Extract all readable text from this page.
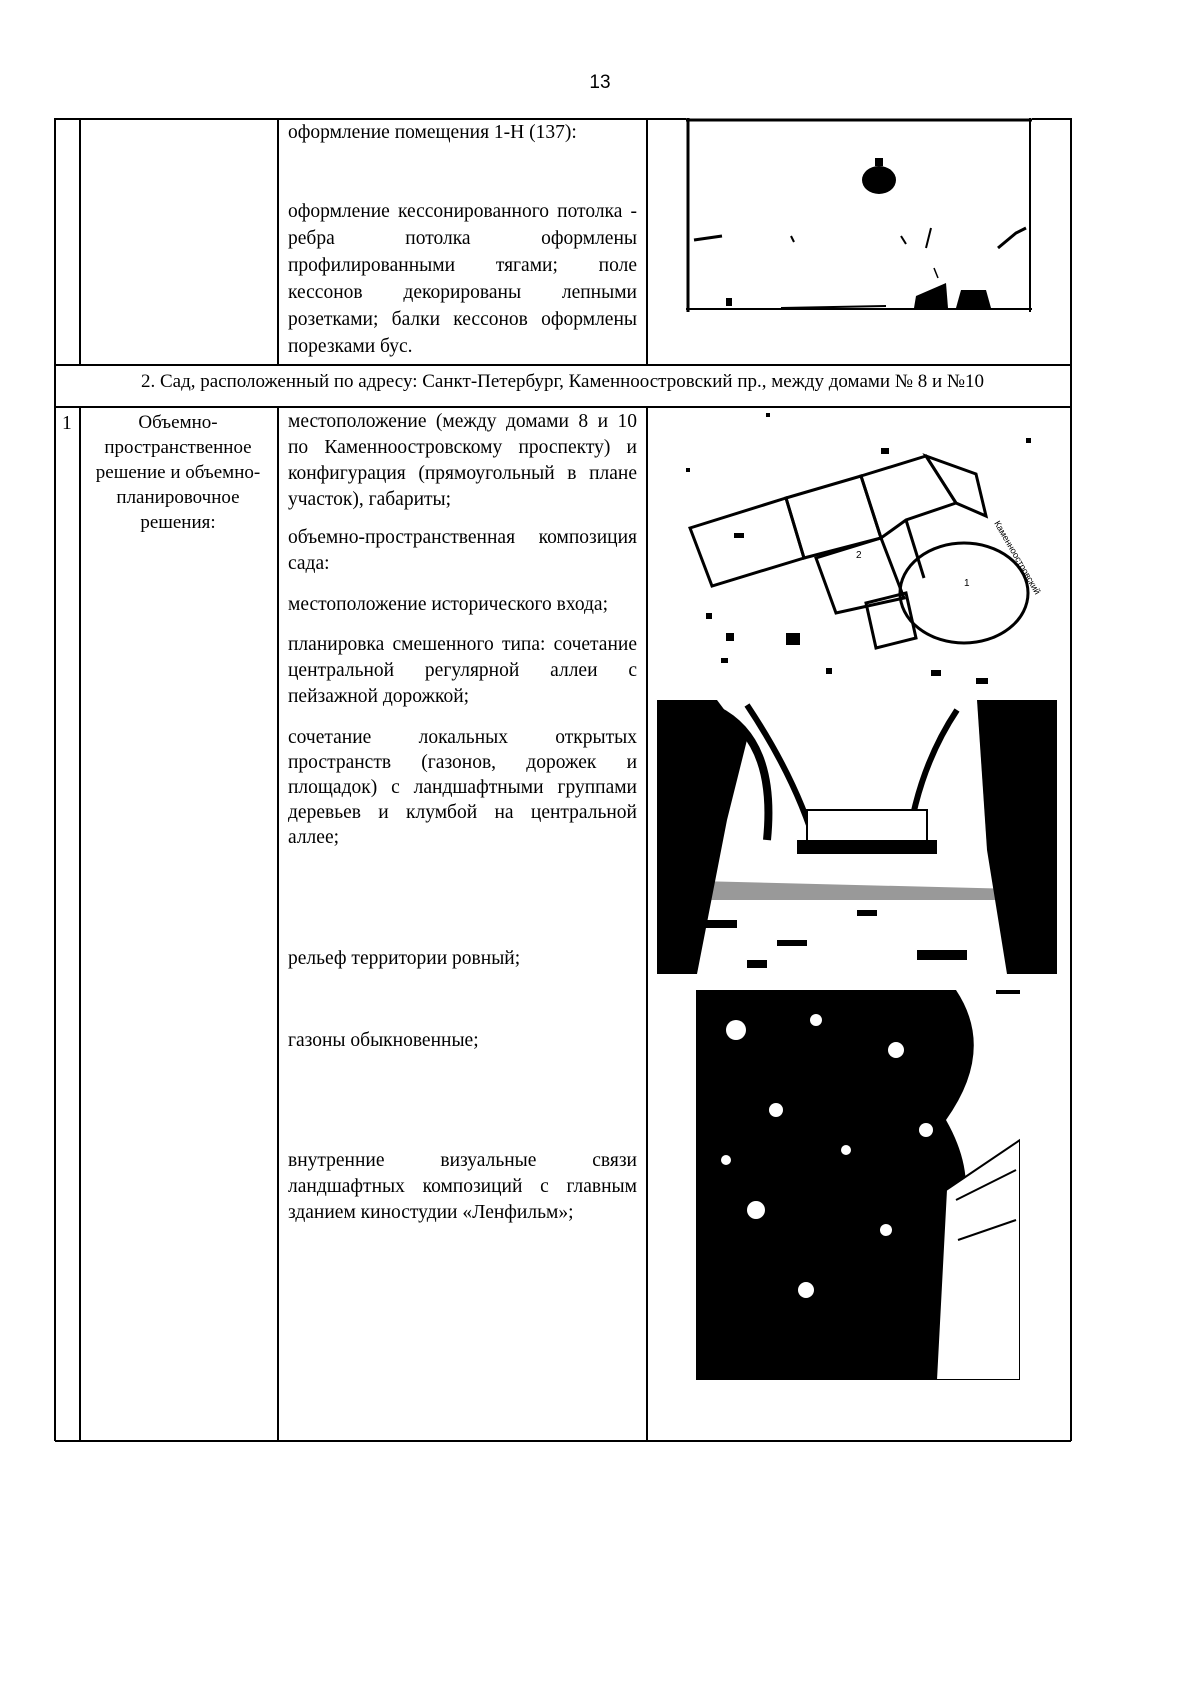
13
оформление помещения 1-Н (137):
оформление кессонированного потолка - ребра потолка оформлены профилированными тягами; поле кессонов декорированы лепными розетками; балки кессонов оформлены порезками бус.
2. Сад, расположенный по адресу: Санкт-Петербург, Каменноостровский пр., между домами № 8 и №10
1	Объемно-пространственное решение и объемно-планировочное решения:
местоположение (между домами 8 и 10 по Каменноостровскому проспекту) и конфигурация (прямоугольный в плане участок), габариты;
объемно-пространственная композиция сада:
местоположение исторического входа;
планировка смешенного типа: сочетание центральной регулярной аллеи с пейзажной дорожкой;
сочетание локальных открытых пространств (газонов, дорожек и площадок) с ландшафтными группами деревьев и клумбой на центральной аллее;
рельеф территории ровный;
газоны обыкновенные;
внутренние визуальные связи ландшафтных композиций с главным зданием киностудии «Ленфильм»;
2
1	Каменноостровский
